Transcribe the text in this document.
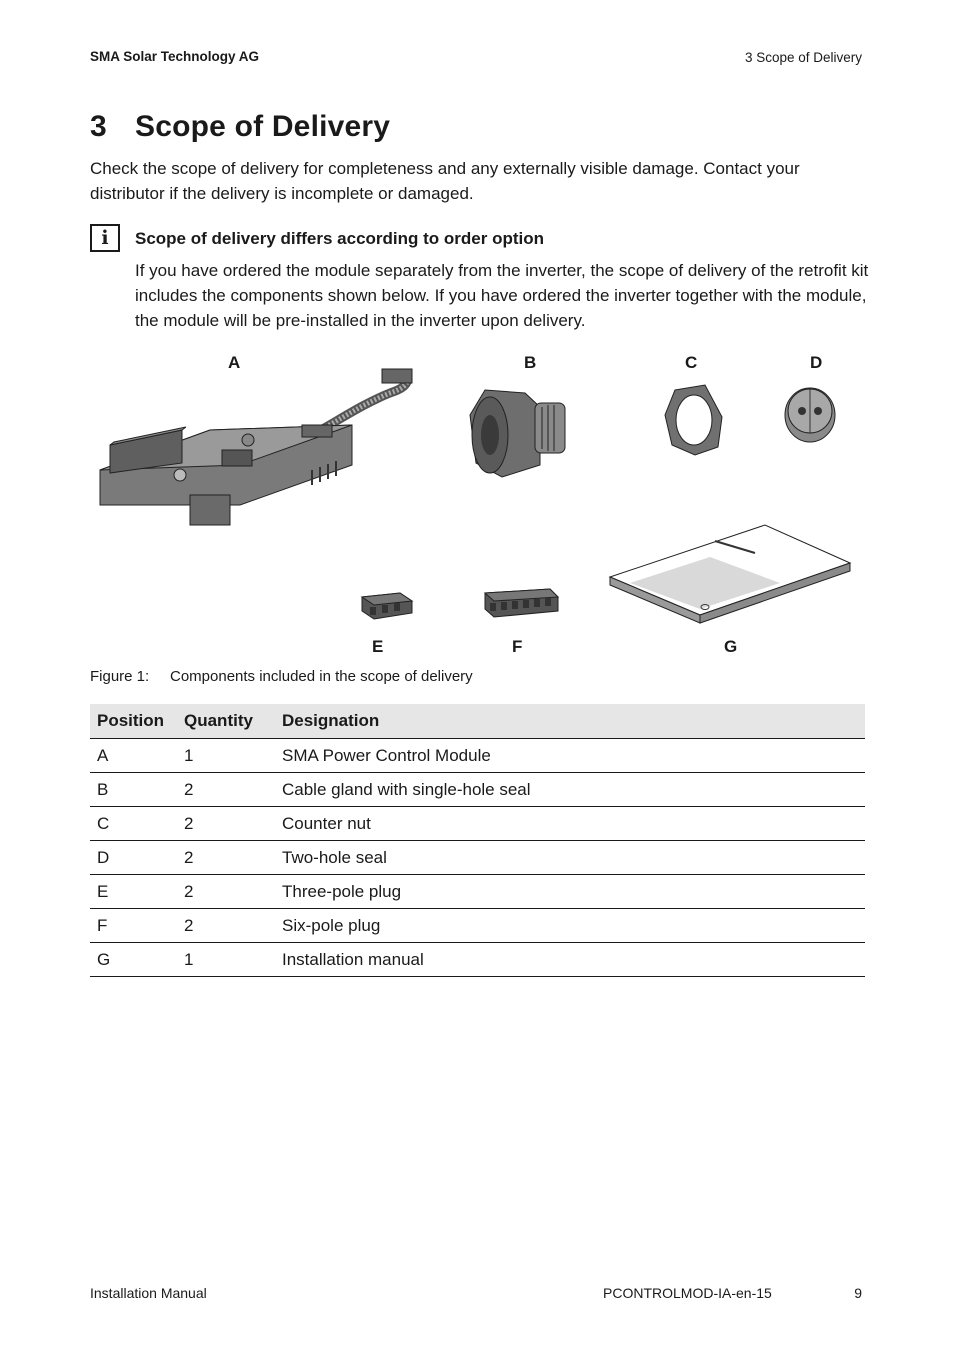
SMA Solar Technology AG	3 Scope of Delivery
3 Scope of Delivery
Check the scope of delivery for completeness and any externally visible damage. Contact your distributor if the delivery is incomplete or damaged.
i	Scope of delivery differs according to order option
If you have ordered the module separately from the inverter, the scope of delivery of the retrofit kit includes the components shown below. If you have ordered the inverter together with the module, the module will be pre-installed in the inverter upon delivery.
A	B	C	D
E	F	G
Figure 1: Components included in the scope of delivery
Position	Quantity	Designation
A	1	SMA Power Control Module
B	2	Cable gland with single-hole seal
C	2	Counter nut
D	2	Two-hole seal
E	2	Three-pole plug
F	2	Six-pole plug
G	1	Installation manual
Installation Manual	PCONTROLMOD-IA-en-15	9
